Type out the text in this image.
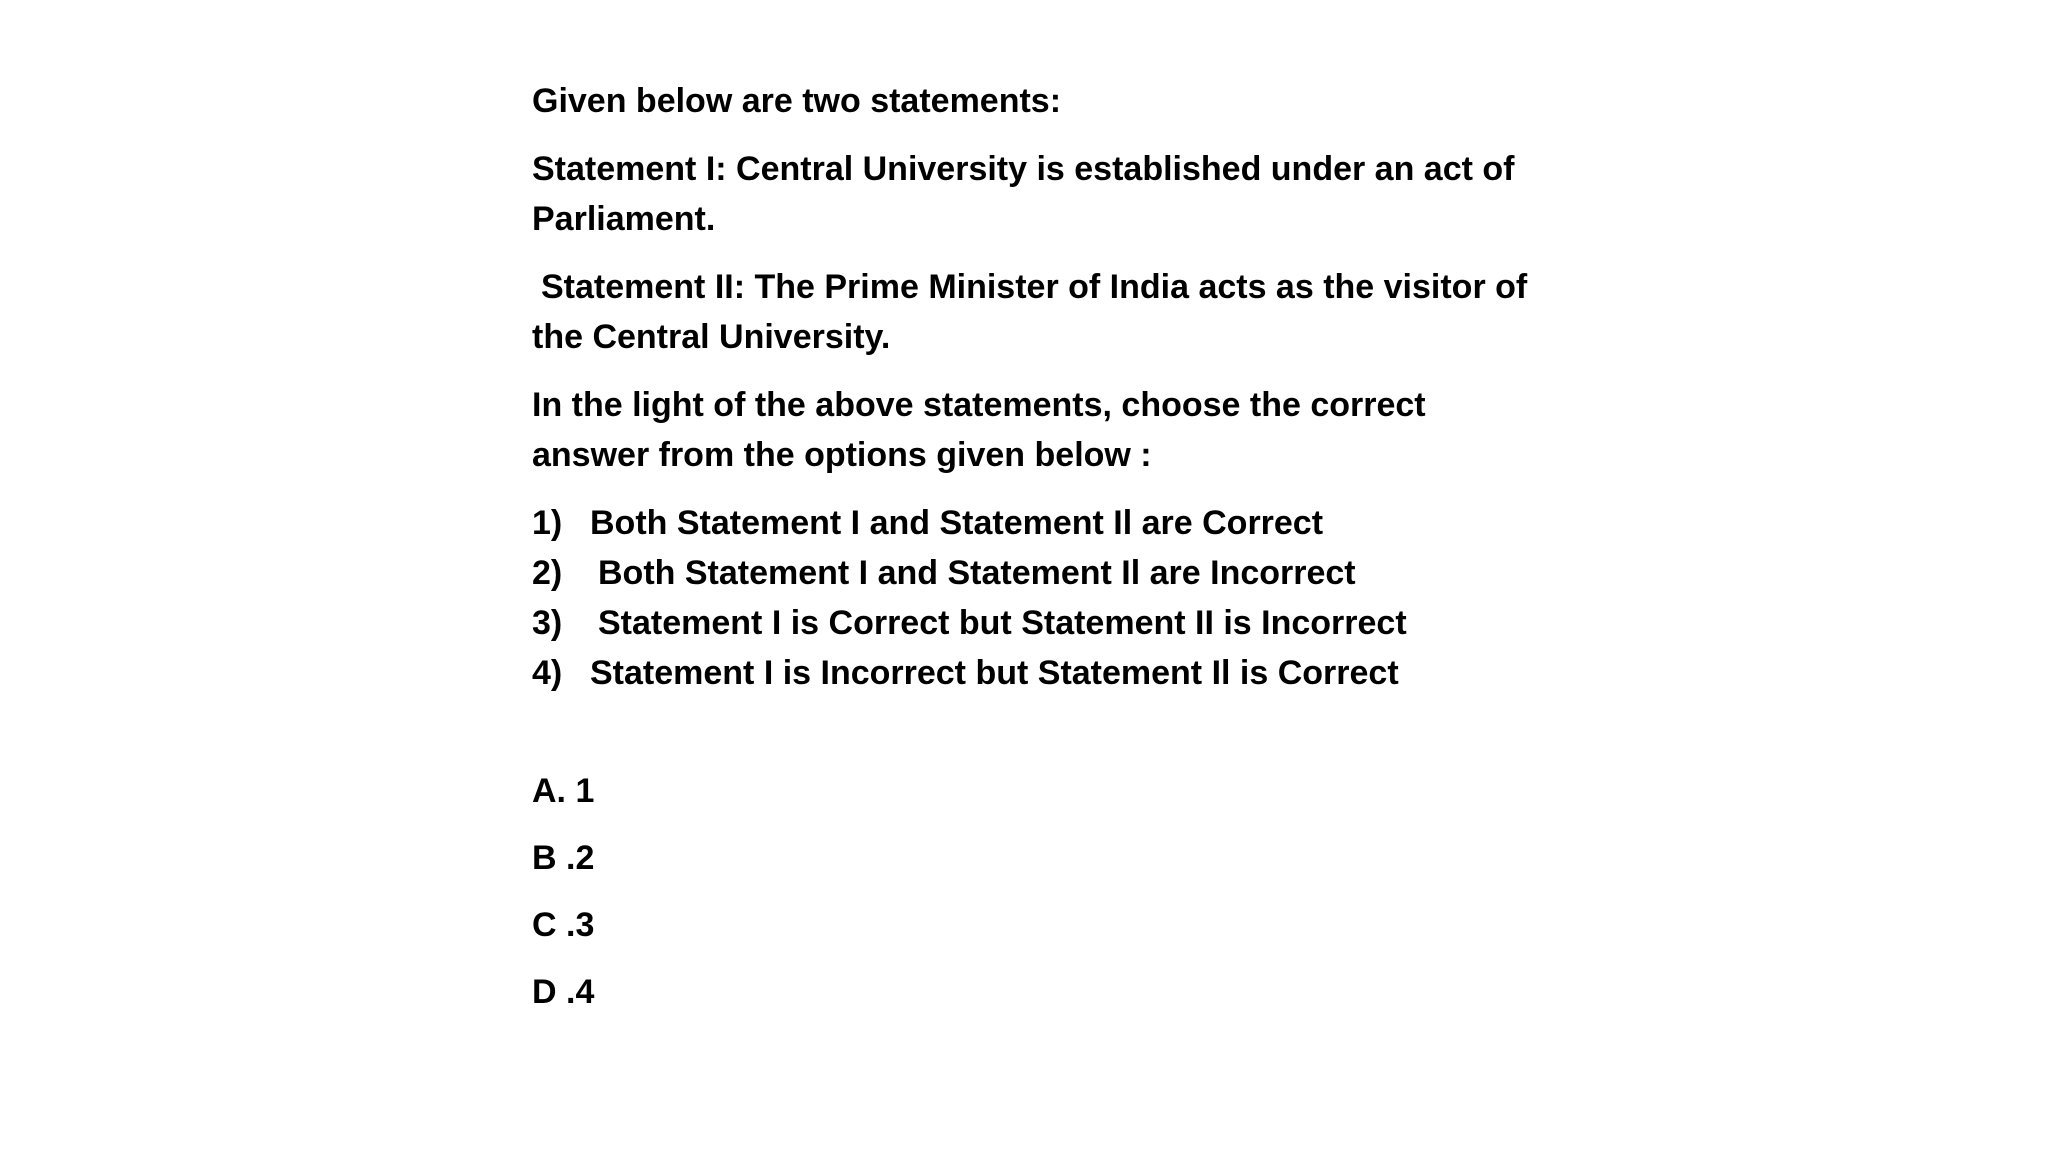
Given below are two statements:

Statement I: Central University is established under an act of Parliament.

Statement II: The Prime Minister of India acts as the visitor of the Central University.

In the light of the above statements, choose the correct answer from the options given below :

1) Both Statement I and Statement Il are Correct
2)	Both Statement I and Statement Il are Incorrect
3)	Statement I is Correct but Statement II is Incorrect
4) Statement I is Incorrect but Statement Il is Correct
A. 1
B .2
C .3
D .4
